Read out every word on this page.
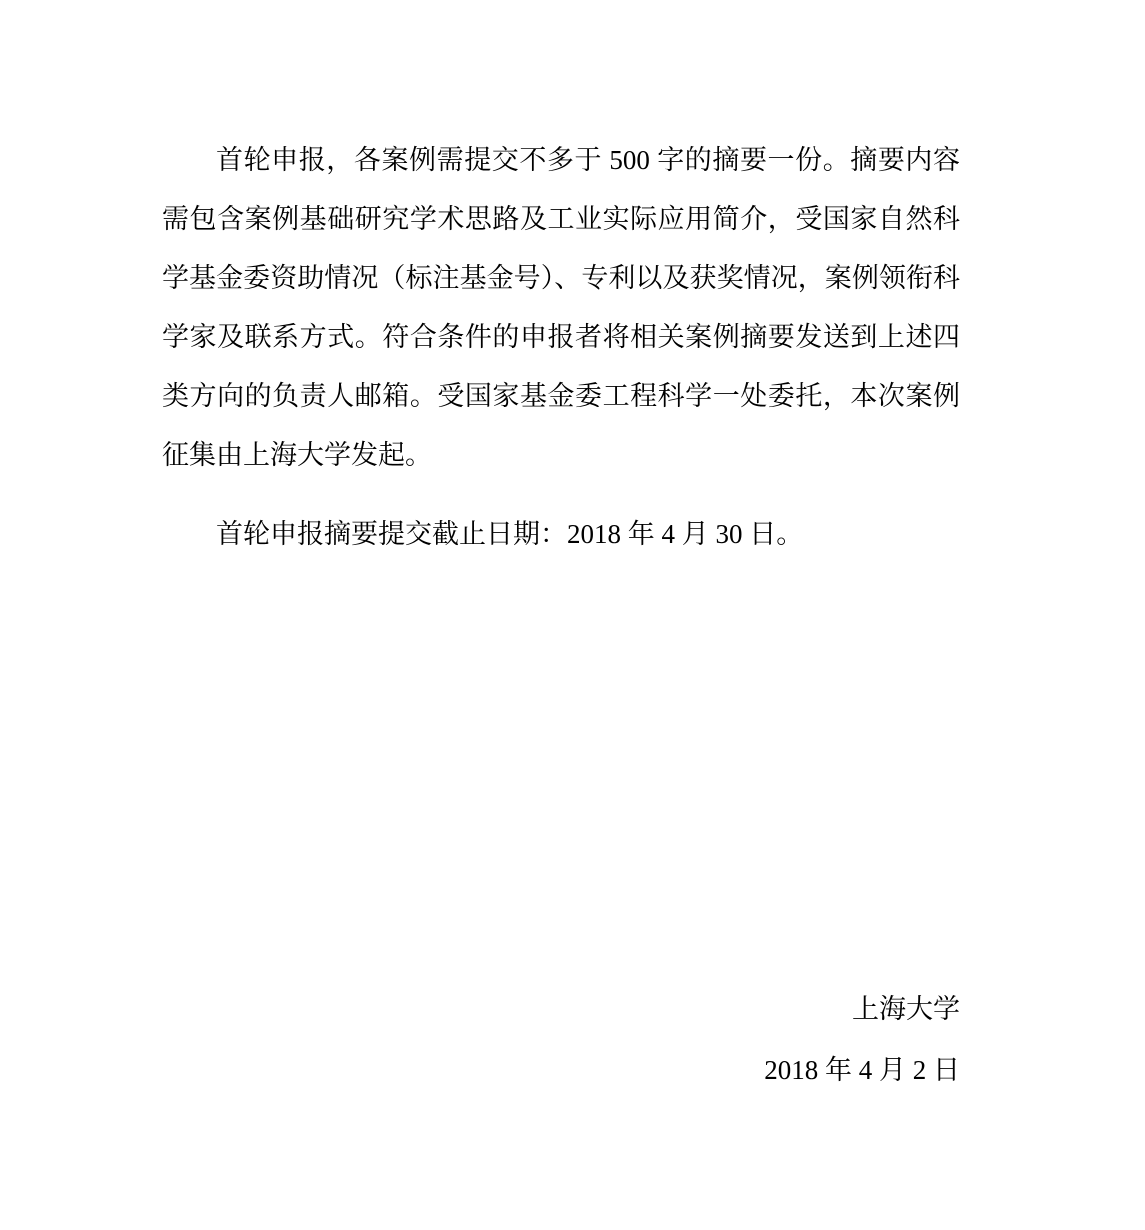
首轮申报，各案例需提交不多于 500 字的摘要一份。摘要内容需包含案例基础研究学术思路及工业实际应用简介，受国家自然科学基金委资助情况（标注基金号）、专利以及获奖情况，案例领衔科学家及联系方式。符合条件的申报者将相关案例摘要发送到上述四类方向的负责人邮箱。受国家基金委工程科学一处委托，本次案例征集由上海大学发起。

首轮申报摘要提交截止日期：2018 年 4 月 30 日。

上海大学
2018 年 4 月 2 日
